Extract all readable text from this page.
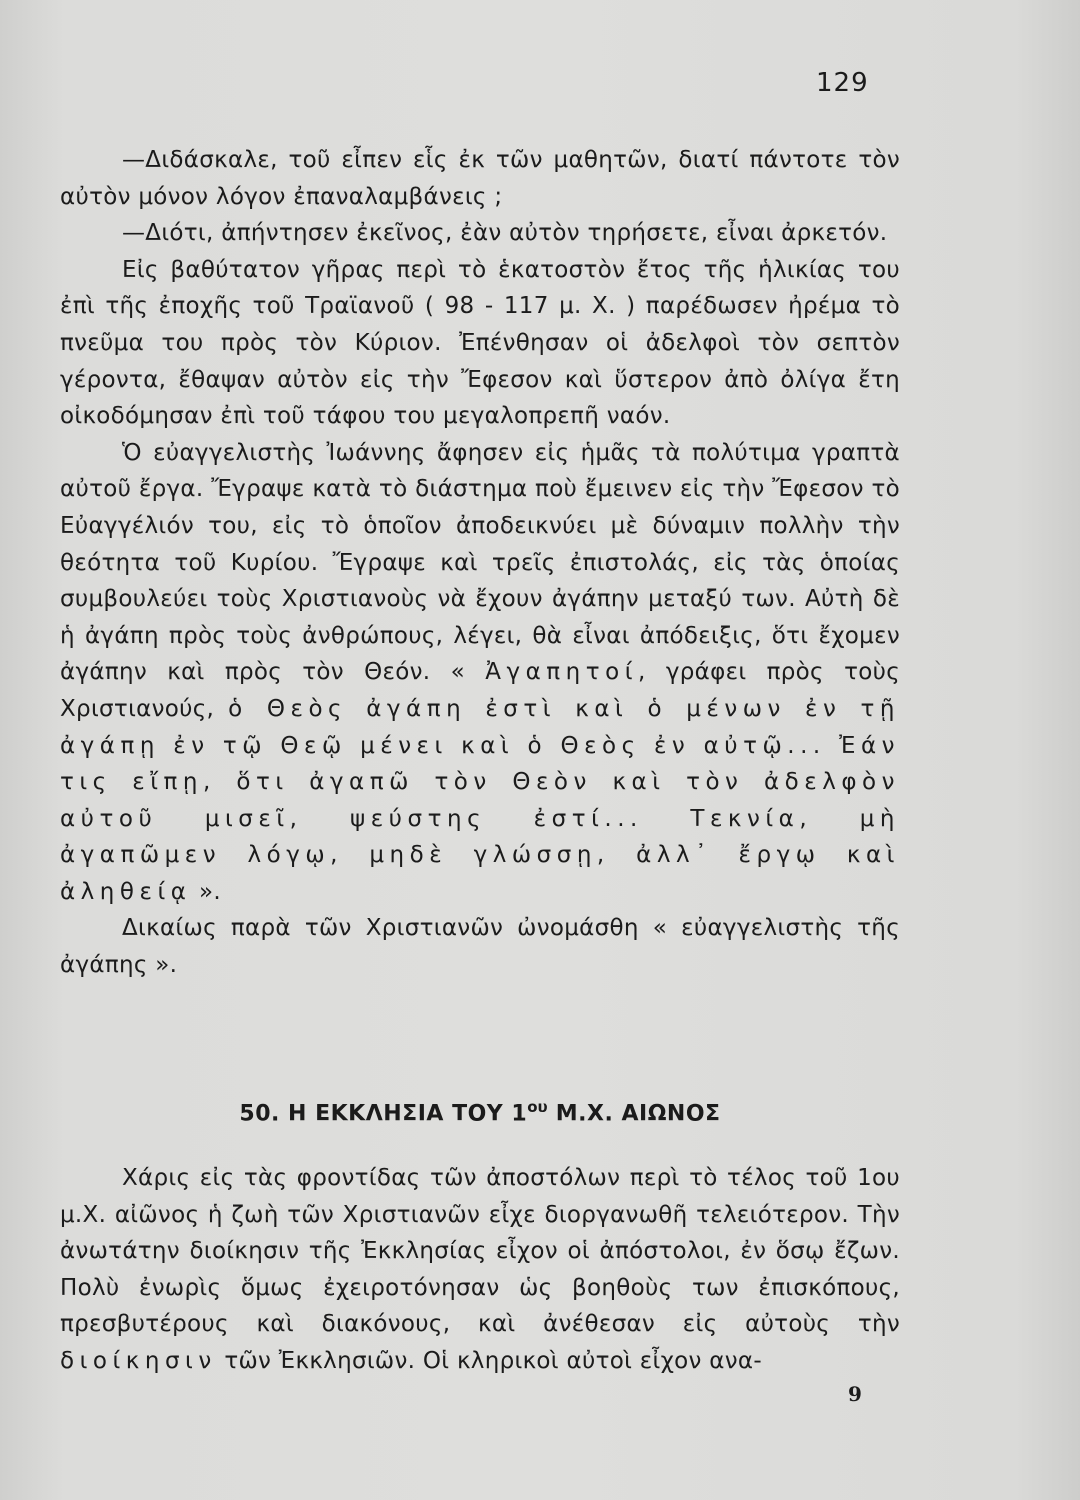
129

—Διδάσκαλε, τοῦ εἶπεν εἷς ἐκ τῶν μαθητῶν, διατί πάντοτε τὸν αὐτὸν μόνον λόγον ἐπαναλαμβάνεις ;

—Διότι, ἀπήντησεν ἐκεῖνος, ἐὰν αὐτὸν τηρήσετε, εἶναι ἀρκετόν.

Εἰς βαθύτατον γῆρας περὶ τὸ ἑκατοστὸν ἔτος τῆς ἡλικίας του ἐπὶ τῆς ἐποχῆς τοῦ Τραϊανοῦ ( 98 - 117 μ. Χ. ) παρέδωσεν ἠρέμα τὸ πνεῦμα του πρὸς τὸν Κύριον. Ἐπένθησαν οἱ ἀδελφοὶ τὸν σεπτὸν γέροντα, ἔθαψαν αὐτὸν εἰς τὴν Ἔφεσον καὶ ὕστερον ἀπὸ ὀλίγα ἔτη οἰκοδόμησαν ἐπὶ τοῦ τάφου του μεγαλοπρεπῆ ναόν.

Ὁ εὐαγγελιστὴς Ἰωάννης ἄφησεν εἰς ἡμᾶς τὰ πολύτιμα γραπτὰ αὐτοῦ ἔργα. Ἔγραψε κατὰ τὸ διάστημα ποὺ ἔμεινεν εἰς τὴν Ἔφεσον τὸ Εὐαγγέλιόν του, εἰς τὸ ὁποῖον ἀποδεικνύει μὲ δύναμιν πολλὴν τὴν θεότητα τοῦ Κυρίου. Ἔγραψε καὶ τρεῖς ἐπιστολάς, εἰς τὰς ὁποίας συμβουλεύει τοὺς Χριστιανοὺς νὰ ἔχουν ἀγάπην μεταξύ των. Αὐτὴ δὲ ἡ ἀγάπη πρὸς τοὺς ἀνθρώπους, λέγει, θὰ εἶναι ἀπόδειξις, ὅτι ἔχομεν ἀγάπην καὶ πρὸς τὸν Θεόν. « Ἀγαπητοί, γράφει πρὸς τοὺς Χριστιανούς, ὁ Θεὸς ἀγάπη ἐστὶ καὶ ὁ μένων ἐν τῇ ἀγάπῃ ἐν τῷ Θεῷ μένει καὶ ὁ Θεὸς ἐν αὐτῷ... Ἐάν τις εἴπῃ, ὅτι ἀγαπῶ τὸν Θεὸν καὶ τὸν ἀδελφὸν αὐτοῦ μισεῖ, ψεύστης ἐστί... Τεκνία, μὴ ἀγαπῶμεν λόγῳ, μηδὲ γλώσσῃ, ἀλλ᾽ ἔργῳ καὶ ἀληθείᾳ ».

Δικαίως παρὰ τῶν Χριστιανῶν ὠνομάσθη « εὐαγγελιστὴς τῆς ἀγάπης ».

50. Η ΕΚΚΛΗΣΙΑ ΤΟΥ $1^{o\upsilon}$ Μ.Χ. ΑΙΩΝΟΣ

Χάρις εἰς τὰς φροντίδας τῶν ἀποστόλων περὶ τὸ τέλος τοῦ 1ου μ.Χ. αἰῶνος ἡ ζωὴ τῶν Χριστιανῶν εἶχε διοργανωθῆ τελειότερον. Τὴν ἀνωτάτην διοίκησιν τῆς Ἐκκλησίας εἶχον οἱ ἀπόστολοι, ἐν ὅσῳ ἔζων. Πολὺ ἐνωρὶς ὅμως ἐχειροτόνησαν ὡς βοηθοὺς των ἐπισκόπους, πρεσβυτέρους καὶ διακόνους, καὶ ἀνέθεσαν εἰς αὐτοὺς τὴν διοίκησιν τῶν Ἐκκλησιῶν. Οἱ κληρικοὶ αὐτοὶ εἶχον ανα-

9
